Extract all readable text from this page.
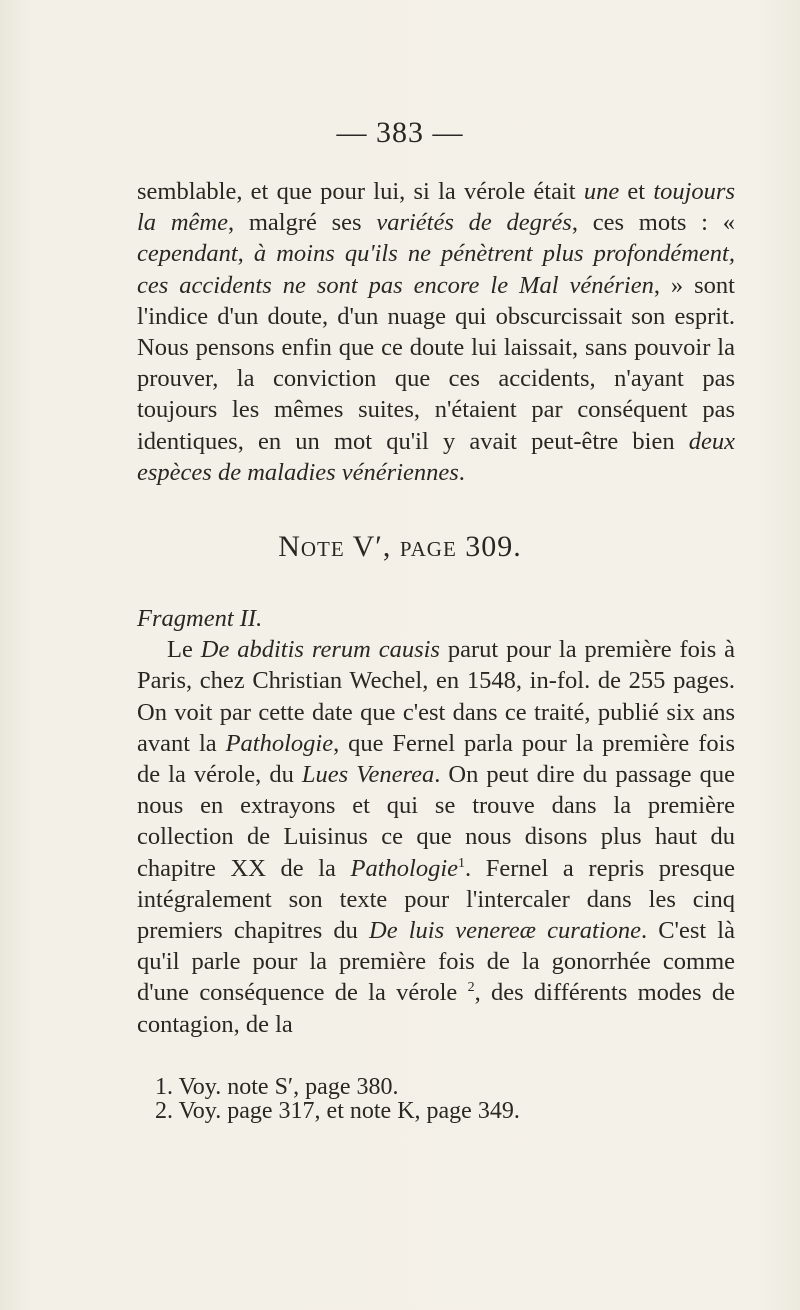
— 383 —

semblable, et que pour lui, si la vérole était une et toujours la même, malgré ses variétés de degrés, ces mots : « cependant, à moins qu'ils ne pénètrent plus profondément, ces accidents ne sont pas encore le Mal vénérien, » sont l'indice d'un doute, d'un nuage qui obscurcissait son esprit. Nous pensons enfin que ce doute lui laissait, sans pouvoir la prouver, la conviction que ces accidents, n'ayant pas toujours les mêmes suites, n'étaient par conséquent pas identiques, en un mot qu'il y avait peut-être bien deux espèces de maladies vénériennes.

Note V′, page 309.

Fragment II.

Le De abditis rerum causis parut pour la première fois à Paris, chez Christian Wechel, en 1548, in-fol. de 255 pages. On voit par cette date que c'est dans ce traité, publié six ans avant la Pathologie, que Fernel parla pour la première fois de la vérole, du Lues Venerea. On peut dire du passage que nous en extrayons et qui se trouve dans la première collection de Luisinus ce que nous disons plus haut du chapitre XX de la Pathologie$^1$. Fernel a repris presque intégralement son texte pour l'intercaler dans les cinq premiers chapitres du De luis venereæ curatione. C'est là qu'il parle pour la première fois de la gonorrhée comme d'une conséquence de la vérole $^2$, des différents modes de contagion, de la

1. Voy. note S′, page 380.
2. Voy. page 317, et note K, page 349.
